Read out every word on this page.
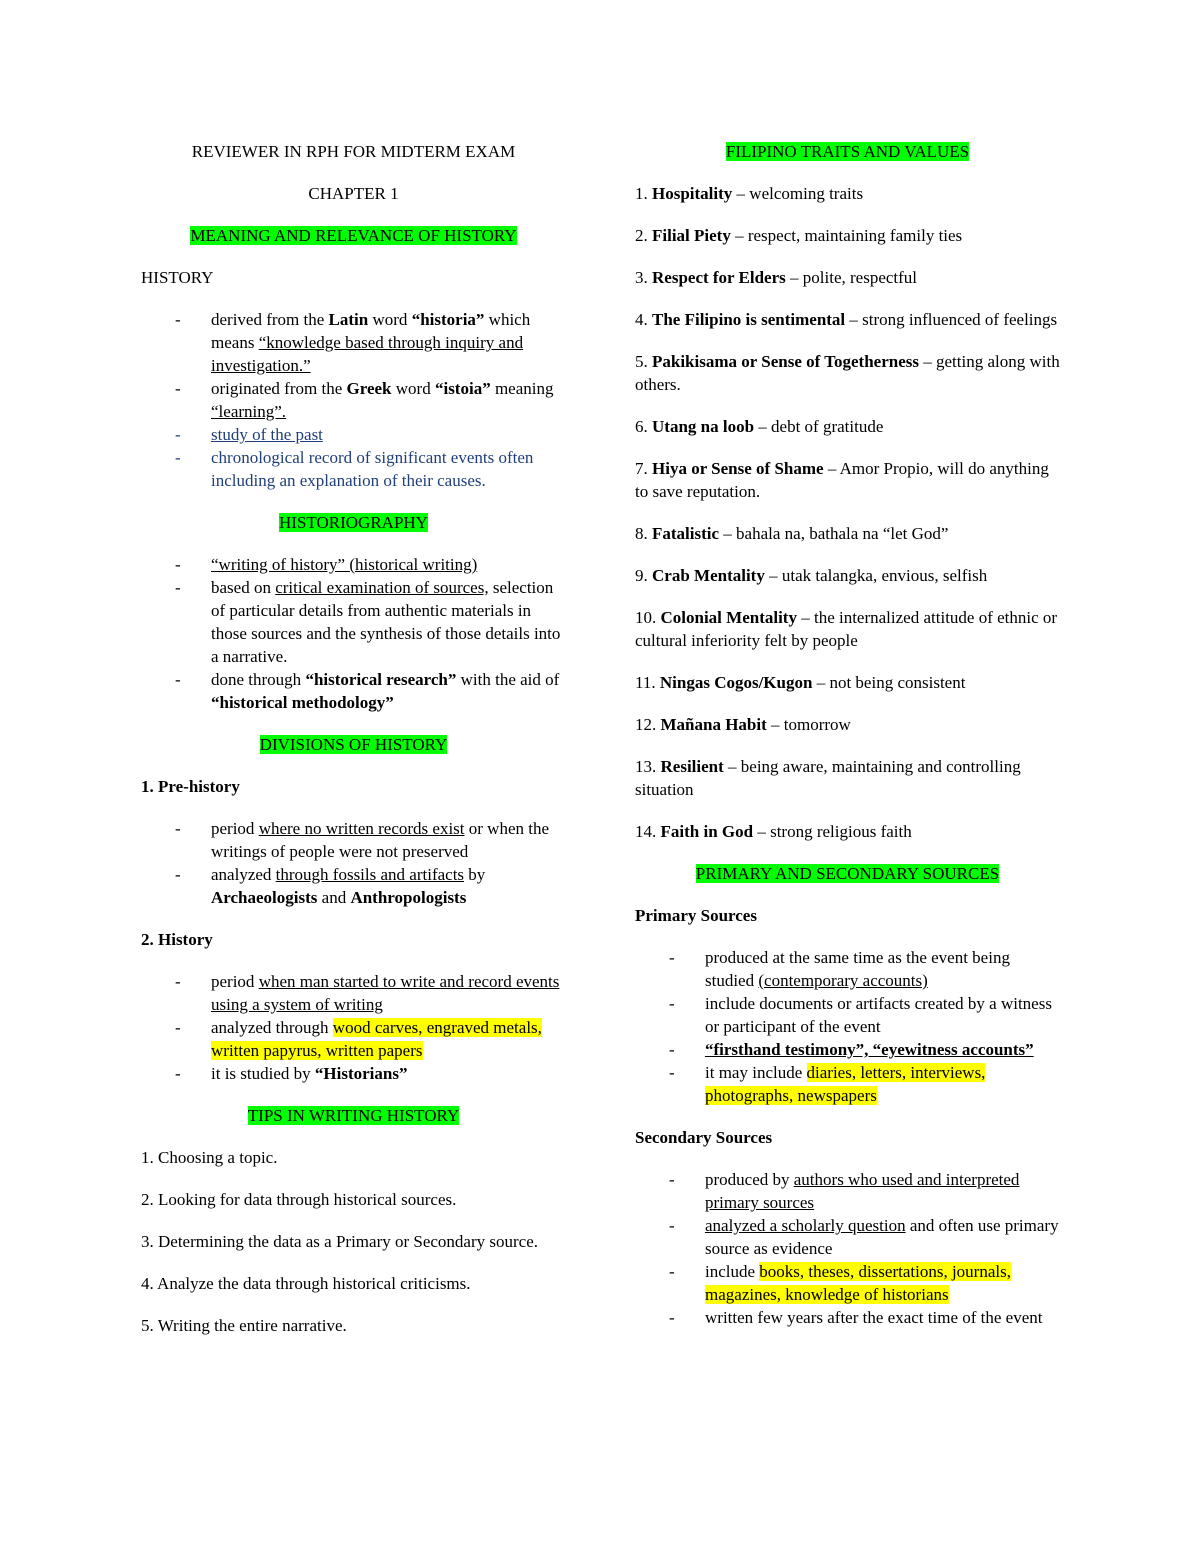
REVIEWER IN RPH FOR MIDTERM EXAM

CHAPTER 1

MEANING AND RELEVANCE OF HISTORY

HISTORY

- derived from the Latin word “historia” which means “knowledge based through inquiry and investigation.”
- originated from the Greek word “istoia” meaning “learning”.
- study of the past
- chronological record of significant events often including an explanation of their causes.

HISTORIOGRAPHY

- “writing of history” (historical writing)
- based on critical examination of sources, selection of particular details from authentic materials in those sources and the synthesis of those details into a narrative.
- done through “historical research” with the aid of “historical methodology”

DIVISIONS OF HISTORY

1. Pre-history

- period where no written records exist or when the writings of people were not preserved
- analyzed through fossils and artifacts by Archaeologists and Anthropologists

2. History

- period when man started to write and record events using a system of writing
- analyzed through wood carves, engraved metals, written papyrus, written papers
- it is studied by “Historians”

TIPS IN WRITING HISTORY

1. Choosing a topic.

2. Looking for data through historical sources.

3. Determining the data as a Primary or Secondary source.

4. Analyze the data through historical criticisms.

5. Writing the entire narrative.

FILIPINO TRAITS AND VALUES

1. Hospitality – welcoming traits

2. Filial Piety – respect, maintaining family ties

3. Respect for Elders – polite, respectful

4. The Filipino is sentimental – strong influenced of feelings

5. Pakikisama or Sense of Togetherness – getting along with others.

6. Utang na loob – debt of gratitude

7. Hiya or Sense of Shame – Amor Propio, will do anything to save reputation.

8. Fatalistic – bahala na, bathala na “let God”

9. Crab Mentality – utak talangka, envious, selfish

10. Colonial Mentality – the internalized attitude of ethnic or cultural inferiority felt by people

11. Ningas Cogos/Kugon – not being consistent

12. Mañana Habit – tomorrow

13. Resilient – being aware, maintaining and controlling situation

14. Faith in God – strong religious faith

PRIMARY AND SECONDARY SOURCES

Primary Sources

- produced at the same time as the event being studied (contemporary accounts)
- include documents or artifacts created by a witness or participant of the event
- “firsthand testimony”, “eyewitness accounts”
- it may include diaries, letters, interviews, photographs, newspapers

Secondary Sources

- produced by authors who used and interpreted primary sources
- analyzed a scholarly question and often use primary source as evidence
- include books, theses, dissertations, journals, magazines, knowledge of historians
- written few years after the exact time of the event
